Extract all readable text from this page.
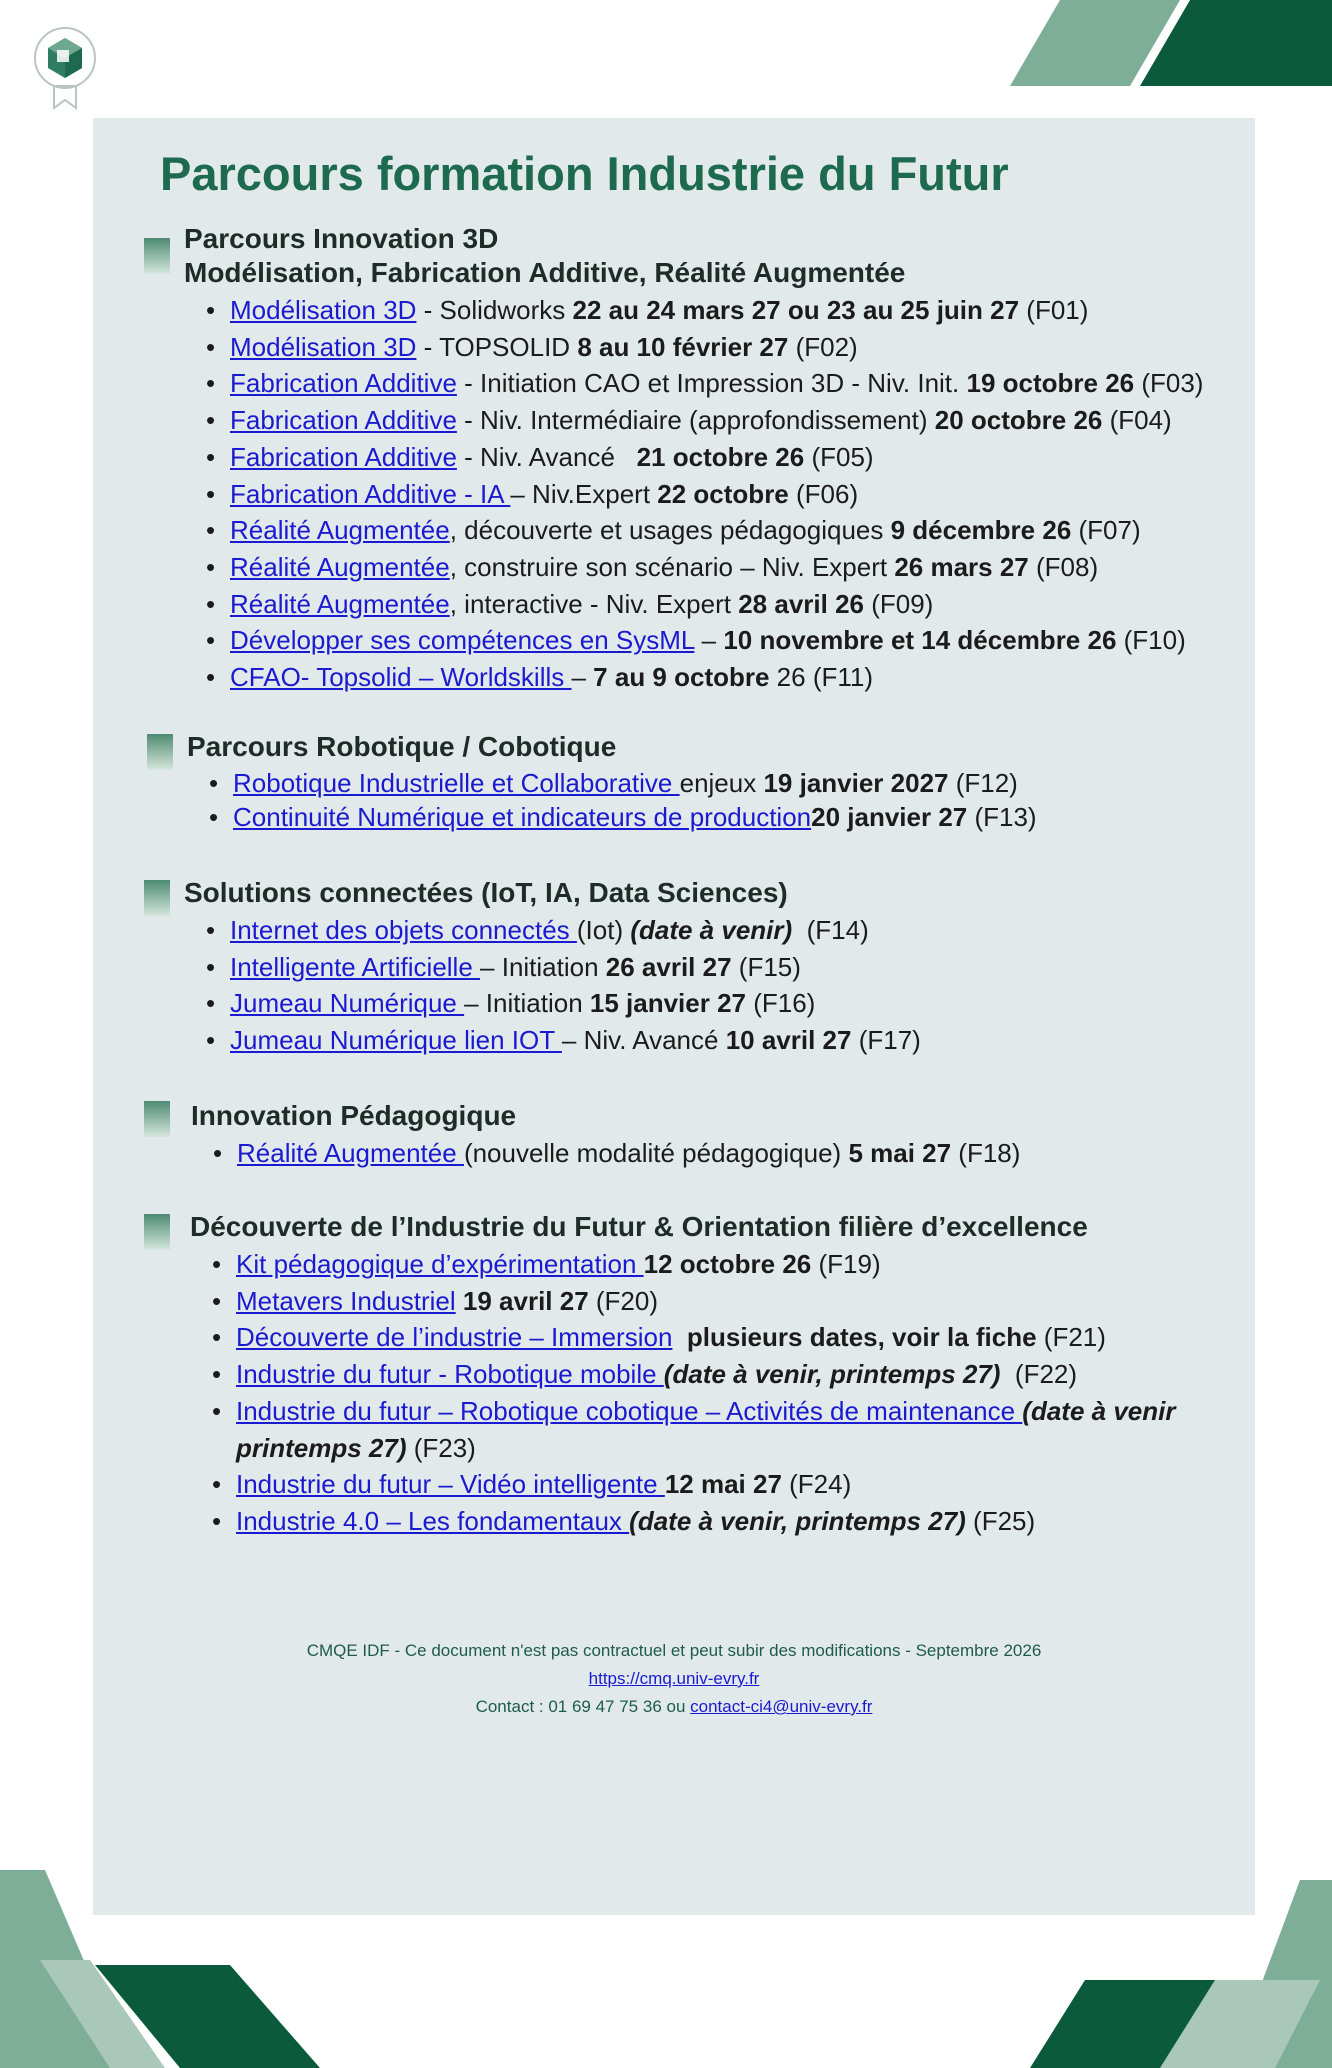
Parcours formation Industrie du Futur
Parcours Innovation 3D
Modélisation, Fabrication Additive, Réalité Augmentée
• Modélisation 3D - Solidworks 22 au 24 mars 27 ou 23 au 25 juin 27 (F01)
• Modélisation 3D - TOPSOLID 8 au 10 février 27 (F02)
• Fabrication Additive - Initiation CAO et Impression 3D - Niv. Init. 19 octobre 26 (F03)
• Fabrication Additive - Niv. Intermédiaire (approfondissement) 20 octobre 26 (F04)
• Fabrication Additive - Niv. Avancé   21 octobre 26 (F05)
• Fabrication Additive - IA – Niv.Expert 22 octobre (F06)
• Réalité Augmentée, découverte et usages pédagogiques 9 décembre 26 (F07)
• Réalité Augmentée, construire son scénario – Niv. Expert 26 mars 27 (F08)
• Réalité Augmentée, interactive - Niv. Expert 28 avril 26 (F09)
• Développer ses compétences en SysML – 10 novembre et 14 décembre 26 (F10)
• CFAO- Topsolid – Worldskills – 7 au 9 octobre 26 (F11)
Parcours Robotique / Cobotique
• Robotique Industrielle et Collaborative enjeux 19 janvier 2027 (F12)
• Continuité Numérique et indicateurs de production20 janvier 27 (F13)
Solutions connectées (IoT, IA, Data Sciences)
• Internet des objets connectés (Iot) (date à venir)  (F14)
• Intelligente Artificielle – Initiation 26 avril 27 (F15)
• Jumeau Numérique – Initiation 15 janvier 27 (F16)
• Jumeau Numérique lien IOT – Niv. Avancé 10 avril 27 (F17)
Innovation Pédagogique
• Réalité Augmentée (nouvelle modalité pédagogique) 5 mai 27 (F18)
Découverte de l’Industrie du Futur & Orientation filière d’excellence
• Kit pédagogique d’expérimentation 12 octobre 26 (F19)
• Metavers Industriel 19 avril 27 (F20)
• Découverte de l’industrie – Immersion plusieurs dates, voir la fiche (F21)
• Industrie du futur - Robotique mobile (date à venir, printemps 27)  (F22)
• Industrie du futur – Robotique cobotique – Activités de maintenance (date à venir
printemps 27) (F23)
• Industrie du futur – Vidéo intelligente 12 mai 27 (F24)
• Industrie 4.0 – Les fondamentaux (date à venir, printemps 27) (F25)
CMQE IDF - Ce document n'est pas contractuel et peut subir des modifications - Septembre 2026
https://cmq.univ-evry.fr
Contact : 01 69 47 75 36 ou contact-ci4@univ-evry.fr
